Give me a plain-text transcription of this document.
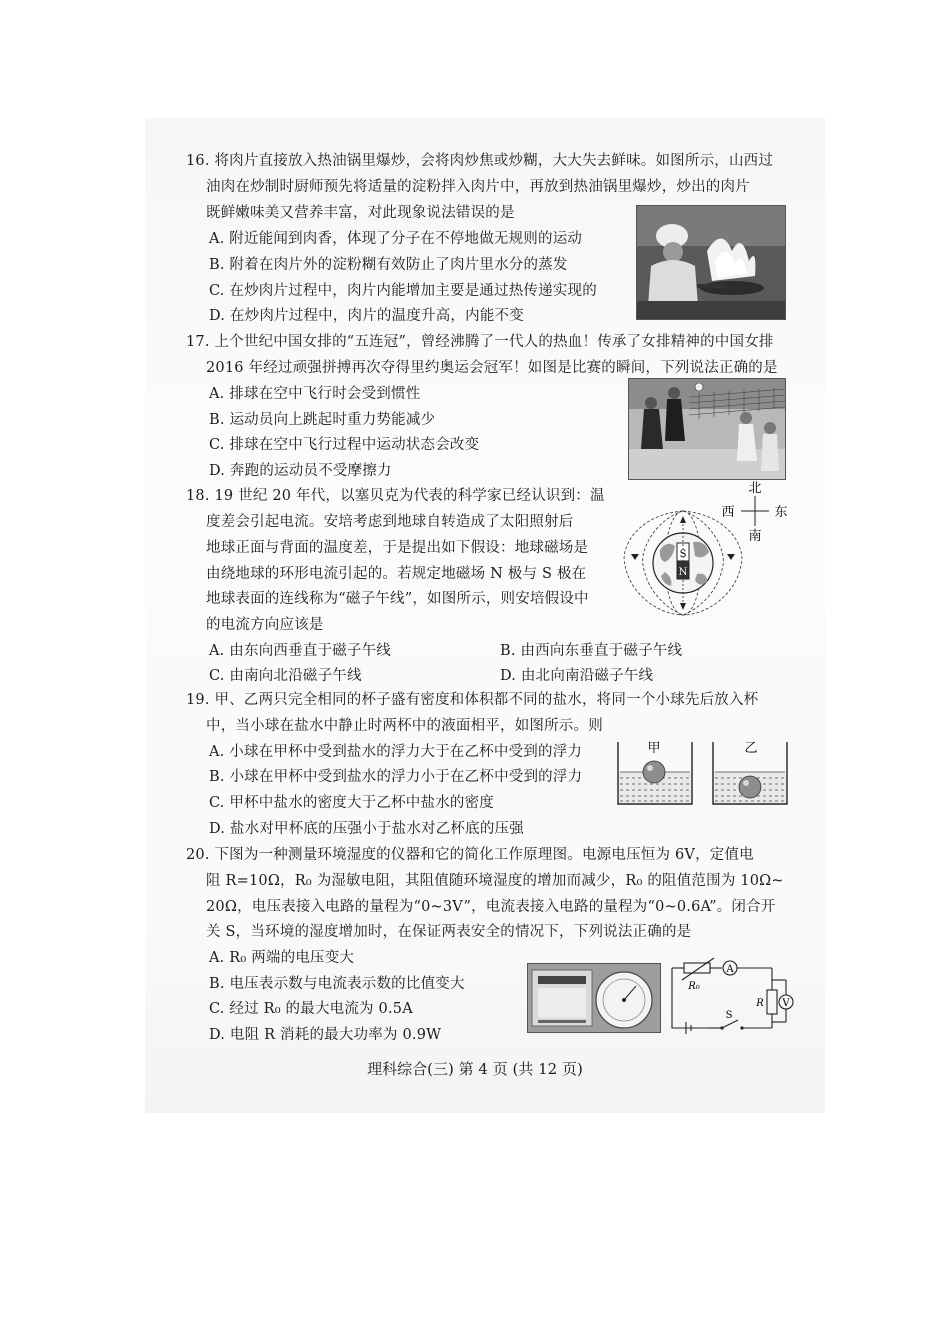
16. 将肉片直接放入热油锅里爆炒，会将肉炒焦或炒糊，大大失去鲜味。如图所示，山西过
油肉在炒制时厨师预先将适量的淀粉拌入肉片中，再放到热油锅里爆炒，炒出的肉片
既鲜嫩味美又营养丰富，对此现象说法错误的是
A. 附近能闻到肉香，体现了分子在不停地做无规则的运动
B. 附着在肉片外的淀粉糊有效防止了肉片里水分的蒸发
C. 在炒肉片过程中，肉片内能增加主要是通过热传递实现的
D. 在炒肉片过程中，肉片的温度升高，内能不变
17. 上个世纪中国女排的“五连冠”，曾经沸腾了一代人的热血！传承了女排精神的中国女排
2016 年经过顽强拼搏再次夺得里约奥运会冠军！如图是比赛的瞬间，下列说法正确的是
A. 排球在空中飞行时会受到惯性
B. 运动员向上跳起时重力势能减少
C. 排球在空中飞行过程中运动状态会改变
D. 奔跑的运动员不受摩擦力
18. 19 世纪 20 年代，以塞贝克为代表的科学家已经认识到：温
度差会引起电流。安培考虑到地球自转造成了太阳照射后
地球正面与背面的温度差，于是提出如下假设：地球磁场是
由绕地球的环形电流引起的。若规定地磁场 N 极与 S 极在
地球表面的连线称为“磁子午线”，如图所示，则安培假设中
的电流方向应该是
A. 由东向西垂直于磁子午线	B. 由西向东垂直于磁子午线
C. 由南向北沿磁子午线	D. 由北向南沿磁子午线
北
南
西	东
S
N
19. 甲、乙两只完全相同的杯子盛有密度和体积都不同的盐水，将同一个小球先后放入杯
中，当小球在盐水中静止时两杯中的液面相平，如图所示。则
A. 小球在甲杯中受到盐水的浮力大于在乙杯中受到的浮力
B. 小球在甲杯中受到盐水的浮力小于在乙杯中受到的浮力
C. 甲杯中盐水的密度大于乙杯中盐水的密度
D. 盐水对甲杯底的压强小于盐水对乙杯底的压强
甲	乙
20. 下图为一种测量环境湿度的仪器和它的简化工作原理图。电源电压恒为 6V，定值电
阻 R=10Ω，R₀ 为湿敏电阻，其阻值随环境湿度的增加而减少，R₀ 的阻值范围为 10Ω~
20Ω，电压表接入电路的量程为“0~3V”，电流表接入电路的量程为“0~0.6A”。闭合开
关 S，当环境的湿度增加时，在保证两表安全的情况下，下列说法正确的是
A. R₀ 两端的电压变大
B. 电压表示数与电流表示数的比值变大
C. 经过 R₀ 的最大电流为 0.5A
D. 电阻 R 消耗的最大功率为 0.9W
A
V
R₀
R
S
理科综合(三) 第 4 页 (共 12 页)
